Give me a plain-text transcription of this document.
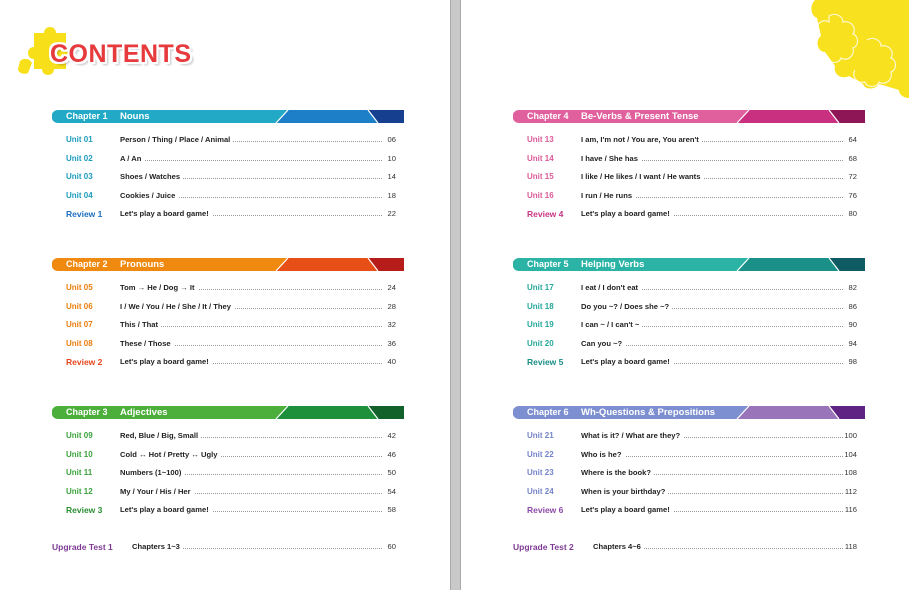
CONTENTS
Chapter 1 Nouns
Unit 01	Person / Thing / Place / Animal	06
Unit 02	A / An	10
Unit 03	Shoes / Watches	14
Unit 04	Cookies / Juice	18
Review 1 Let's play a board game!	22
Chapter 2 Pronouns
Unit 05	Tom → He / Dog → It	24
Unit 06	I / We / You / He / She / It / They	28
Unit 07	This / That	32
Unit 08	These / Those	36
Review 2 Let's play a board game!	40
Chapter 3 Adjectives
Unit 09	Red, Blue / Big, Small	42
Unit 10	Cold ↔ Hot / Pretty ↔ Ugly	46
Unit 11	Numbers (1~100)	50
Unit 12	My / Your / His / Her	54
Review 3 Let's play a board game!	58
Upgrade Test 1	Chapters 1~3	60
Chapter 4 Be-Verbs & Present Tense
Unit 13	I am, I'm not / You are, You aren't	64
Unit 14	I have / She has	68
Unit 15	I like / He likes / I want / He wants	72
Unit 16	I run / He runs	76
Review 4 Let's play a board game!	80
Chapter 5 Helping Verbs
Unit 17	I eat / I don't eat	82
Unit 18	Do you ~? / Does she ~?	86
Unit 19	I can ~ / I can't ~	90
Unit 20	Can you ~?	94
Review 5 Let's play a board game!	98
Chapter 6 Wh-Questions & Prepositions
Unit 21	What is it? / What are they?	100
Unit 22	Who is he?	104
Unit 23	Where is the book?	108
Unit 24	When is your birthday?	112
Review 6 Let's play a board game!	116
Upgrade Test 2	Chapters 4~6	118
